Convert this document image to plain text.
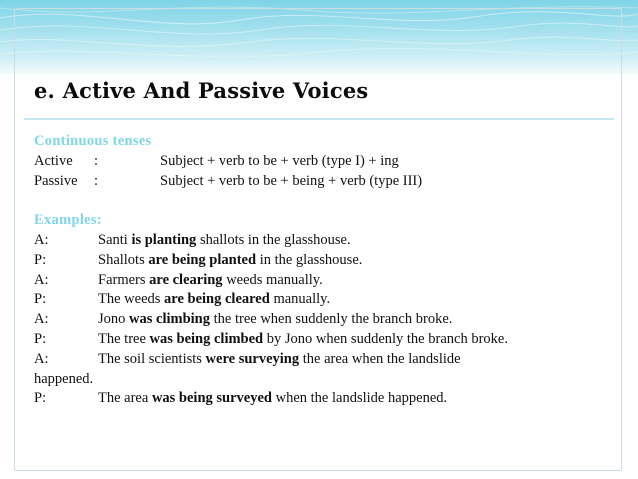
e. Active And Passive Voices
Continuous tenses
Active	:	Subject + verb to be + verb (type I) + ing
Passive	:	Subject + verb to be + being + verb (type III)
Examples:
A:	Santi is planting shallots in the glasshouse.
P:	Shallots are being planted in the glasshouse.
A:	Farmers are clearing weeds manually.
P:	The weeds are being cleared manually.
A:	Jono was climbing the tree when suddenly the branch broke.
P:	The tree was being climbed by Jono when suddenly the branch broke.
A:	The soil scientists were surveying the area when the landslide
happened.
P:	The area was being surveyed when the landslide happened.
